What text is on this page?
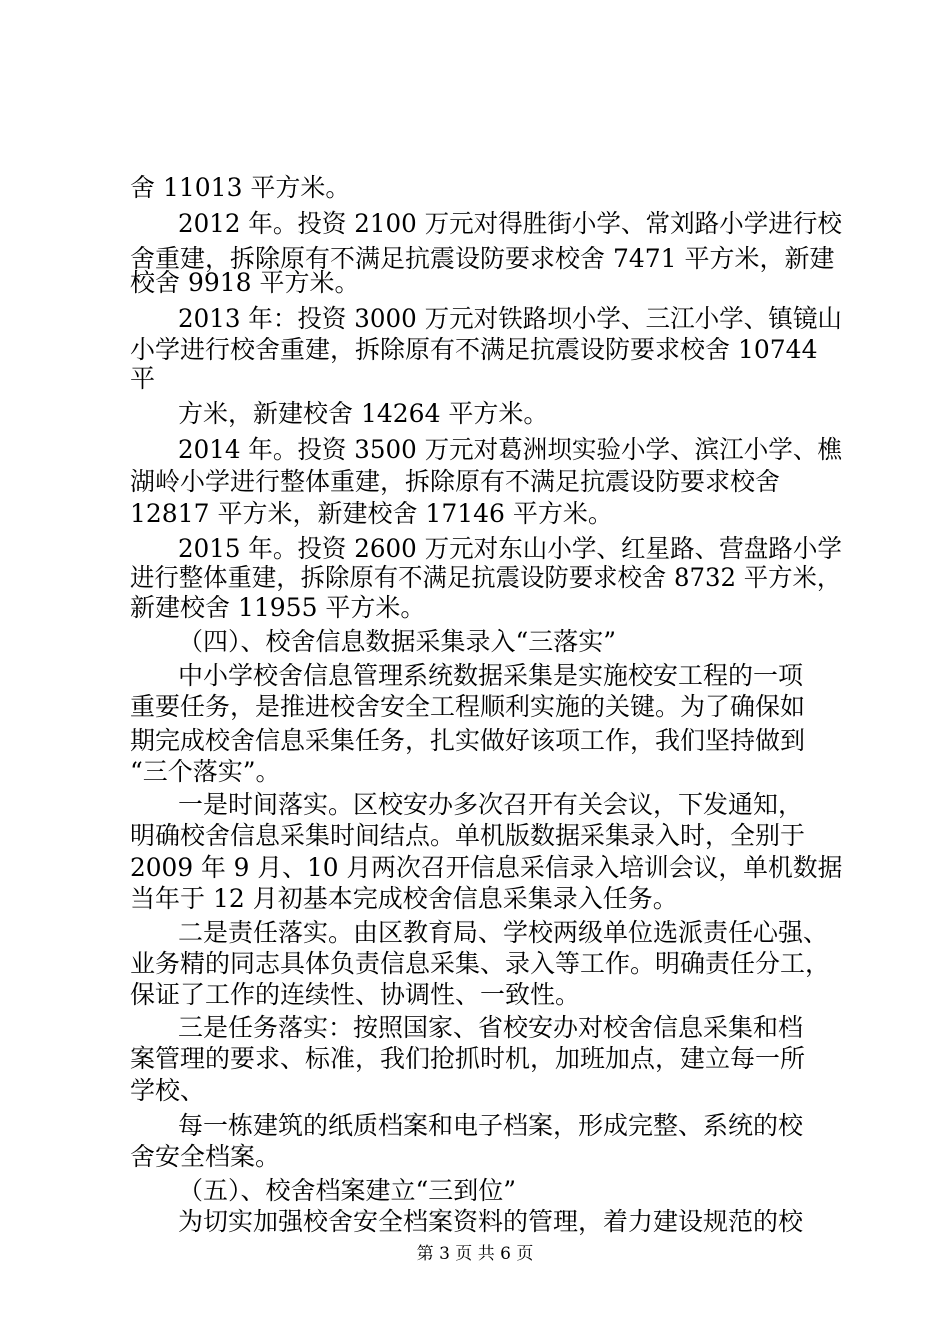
舍 11013 平方米。
2012 年。投资 2100 万元对得胜街小学、常刘路小学进行校
舍重建，拆除原有不满足抗震设防要求校舍 7471 平方米，新建
校舍 9918 平方米。
2013 年：投资 3000 万元对铁路坝小学、三江小学、镇镜山
小学进行校舍重建，拆除原有不满足抗震设防要求校舍 10744
平
方米，新建校舍 14264 平方米。
2014 年。投资 3500 万元对葛洲坝实验小学、滨江小学、樵
湖岭小学进行整体重建，拆除原有不满足抗震设防要求校舍
12817 平方米，新建校舍 17146 平方米。
2015 年。投资 2600 万元对东山小学、红星路、营盘路小学
进行整体重建，拆除原有不满足抗震设防要求校舍 8732 平方米，
新建校舍 11955 平方米。
（四）、校舍信息数据采集录入“三落实”
中小学校舍信息管理系统数据采集是实施校安工程的一项
重要任务，是推进校舍安全工程顺利实施的关键。为了确保如
期完成校舍信息采集任务，扎实做好该项工作，我们坚持做到
“三个落实”。
一是时间落实。区校安办多次召开有关会议，下发通知，
明确校舍信息采集时间结点。单机版数据采集录入时，全别于
2009 年 9 月、10 月两次召开信息采信录入培训会议，单机数据
当年于 12 月初基本完成校舍信息采集录入任务。
二是责任落实。由区教育局、学校两级单位选派责任心强、
业务精的同志具体负责信息采集、录入等工作。明确责任分工，
保证了工作的连续性、协调性、一致性。
三是任务落实：按照国家、省校安办对校舍信息采集和档
案管理的要求、标准，我们抢抓时机，加班加点，建立每一所
学校、
每一栋建筑的纸质档案和电子档案，形成完整、系统的校
舍安全档案。
（五）、校舍档案建立“三到位”
为切实加强校舍安全档案资料的管理，着力建设规范的校
第 3 页 共 6 页
